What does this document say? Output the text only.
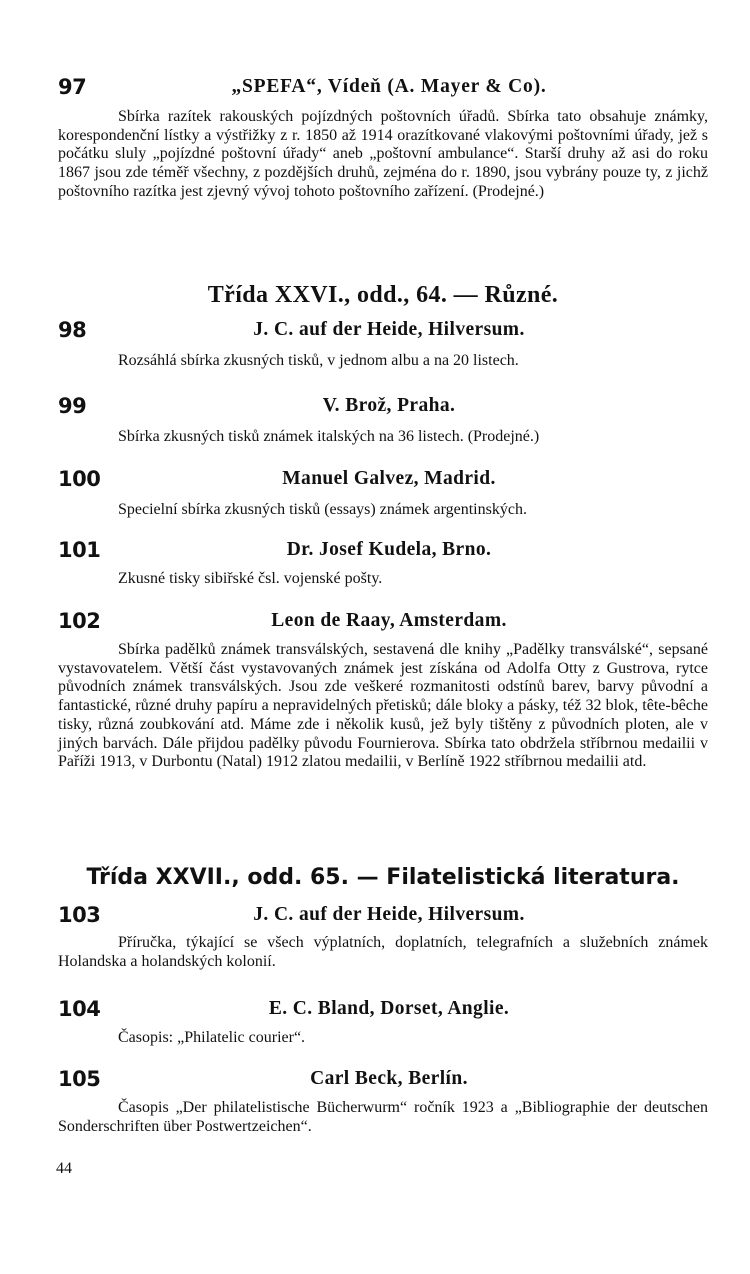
97	„SPEFA“, Vídeň (A. Mayer & Co).

Sbírka razítek rakouských pojízdných poštovních úřadů. Sbírka tato obsahuje známky, korespondenční lístky a výstřižky z r. 1850 až 1914 orazítkované vlakovými poštovními úřady, jež s počátku sluly „pojízdné poštovní úřady“ aneb „poštovní ambulance“. Starší druhy až asi do roku 1867 jsou zde téměř všechny, z pozdějších druhů, zejména do r. 1890, jsou vybrány pouze ty, z jichž poštovního razítka jest zjevný vývoj tohoto poštovního zařízení. (Prodejné.)

Třída XXVI., odd., 64. — Různé.
98	J. C. auf der Heide, Hilversum.

Rozsáhlá sbírka zkusných tisků, v jednom albu a na 20 listech.

99	V. Brož, Praha.

Sbírka zkusných tisků známek italských na 36 listech. (Prodejné.)

100	Manuel Galvez, Madrid.

Specielní sbírka zkusných tisků (essays) známek argentinských.

101	Dr. Josef Kudela, Brno.

Zkusné tisky sibiřské čsl. vojenské pošty.

102	Leon de Raay, Amsterdam.

Sbírka padělků známek transválských, sestavená dle knihy „Padělky transválské“, sepsané vystavovatelem. Větší část vystavovaných známek jest získána od Adolfa Otty z Gustrova, rytce původních známek transválských. Jsou zde veškeré rozmanitosti odstínů barev, barvy původní a fantastické, různé druhy papíru a nepravidelných přetisků; dále bloky a pásky, též 32 blok, tête-bêche tisky, různá zoubkování atd. Máme zde i několik kusů, jež byly tištěny z původních ploten, ale v jiných barvách. Dále přijdou padělky původu Fournierova. Sbírka tato obdržela stříbrnou medailii v Paříži 1913, v Durbontu (Natal) 1912 zlatou medailii, v Berlíně 1922 stříbrnou medailii atd.

Třída XXVII., odd. 65. — Filatelistická literatura.
103	J. C. auf der Heide, Hilversum.

Příručka, týkající se všech výplatních, doplatních, telegrafních a služebních známek Holandska a holandských kolonií.

104	E. C. Bland, Dorset, Anglie.

Časopis: „Philatelic courier“.

105	Carl Beck, Berlín.

Časopis „Der philatelistische Bücherwurm“ ročník 1923 a „Bibliographie der deutschen Sonderschriften über Postwertzeichen“.

44
